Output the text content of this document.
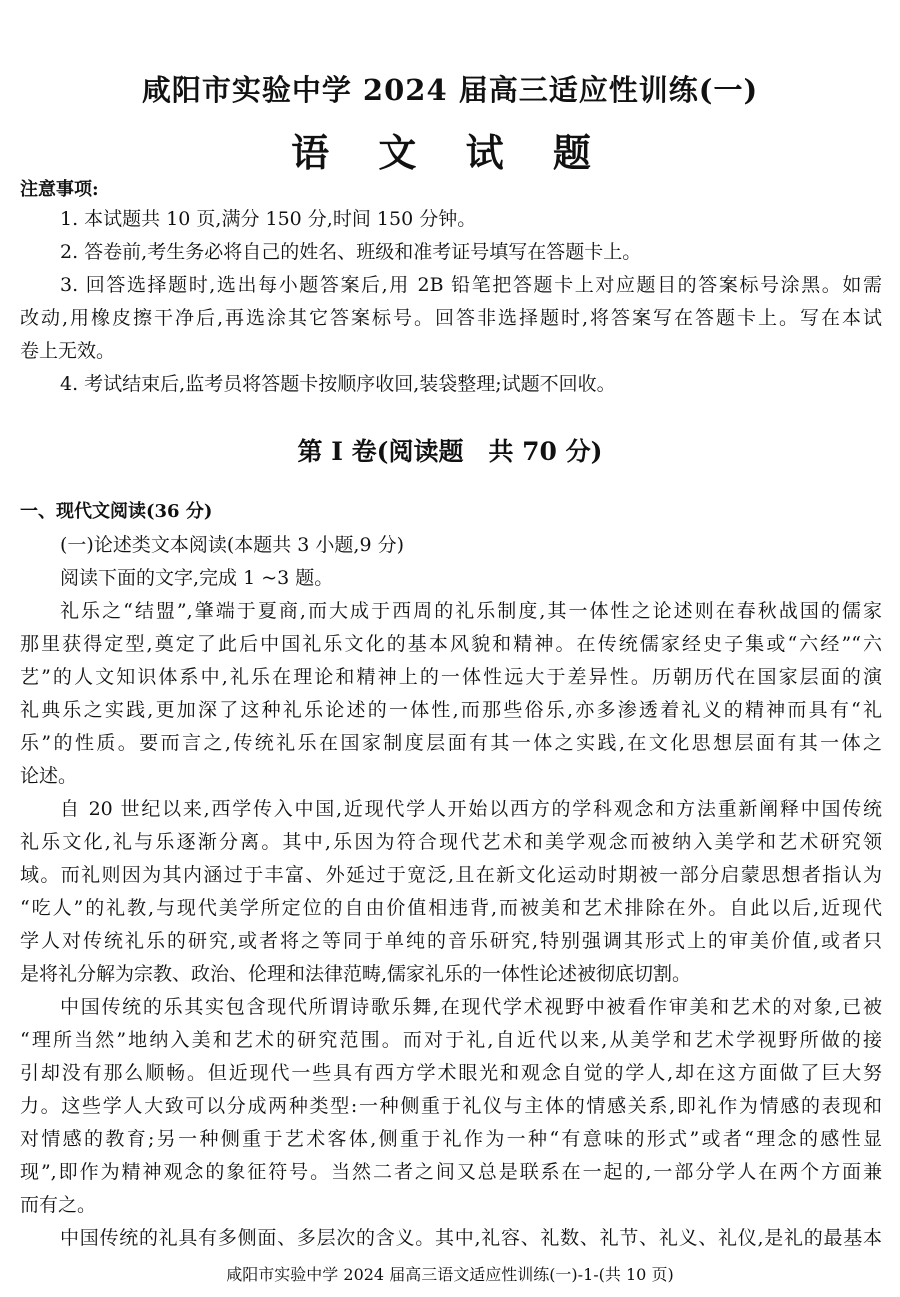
咸阳市实验中学 2024 届高三适应性训练(一)
语 文 试 题
注意事项:
1. 本试题共 10 页,满分 150 分,时间 150 分钟。
2. 答卷前,考生务必将自己的姓名、班级和准考证号填写在答题卡上。
3. 回答选择题时,选出每小题答案后,用 2B 铅笔把答题卡上对应题目的答案标号涂黑。如需
改动,用橡皮擦干净后,再选涂其它答案标号。回答非选择题时,将答案写在答题卡上。写在本试
卷上无效。
4. 考试结束后,监考员将答题卡按顺序收回,装袋整理;试题不回收。
第 Ⅰ 卷(阅读题　共 70 分)
一、现代文阅读(36 分)
(一)论述类文本阅读(本题共 3 小题,9 分)
阅读下面的文字,完成 1 ~3 题。
礼乐之“结盟”,肇端于夏商,而大成于西周的礼乐制度,其一体性之论述则在春秋战国的儒家
那里获得定型,奠定了此后中国礼乐文化的基本风貌和精神。在传统儒家经史子集或“六经”“六
艺”的人文知识体系中,礼乐在理论和精神上的一体性远大于差异性。历朝历代在国家层面的演
礼典乐之实践,更加深了这种礼乐论述的一体性,而那些俗乐,亦多渗透着礼义的精神而具有“礼
乐”的性质。要而言之,传统礼乐在国家制度层面有其一体之实践,在文化思想层面有其一体之
论述。
自 20 世纪以来,西学传入中国,近现代学人开始以西方的学科观念和方法重新阐释中国传统
礼乐文化,礼与乐逐渐分离。其中,乐因为符合现代艺术和美学观念而被纳入美学和艺术研究领
域。而礼则因为其内涵过于丰富、外延过于宽泛,且在新文化运动时期被一部分启蒙思想者指认为
“吃人”的礼教,与现代美学所定位的自由价值相违背,而被美和艺术排除在外。自此以后,近现代
学人对传统礼乐的研究,或者将之等同于单纯的音乐研究,特别强调其形式上的审美价值,或者只
是将礼分解为宗教、政治、伦理和法律范畴,儒家礼乐的一体性论述被彻底切割。
中国传统的乐其实包含现代所谓诗歌乐舞,在现代学术视野中被看作审美和艺术的对象,已被
“理所当然”地纳入美和艺术的研究范围。而对于礼,自近代以来,从美学和艺术学视野所做的接
引却没有那么顺畅。但近现代一些具有西方学术眼光和观念自觉的学人,却在这方面做了巨大努
力。这些学人大致可以分成两种类型:一种侧重于礼仪与主体的情感关系,即礼作为情感的表现和
对情感的教育;另一种侧重于艺术客体,侧重于礼作为一种“有意味的形式”或者“理念的感性显
现”,即作为精神观念的象征符号。当然二者之间又总是联系在一起的,一部分学人在两个方面兼
而有之。
中国传统的礼具有多侧面、多层次的含义。其中,礼容、礼数、礼节、礼义、礼仪,是礼的最基本
咸阳市实验中学 2024 届高三语文适应性训练(一)-1-(共 10 页)
